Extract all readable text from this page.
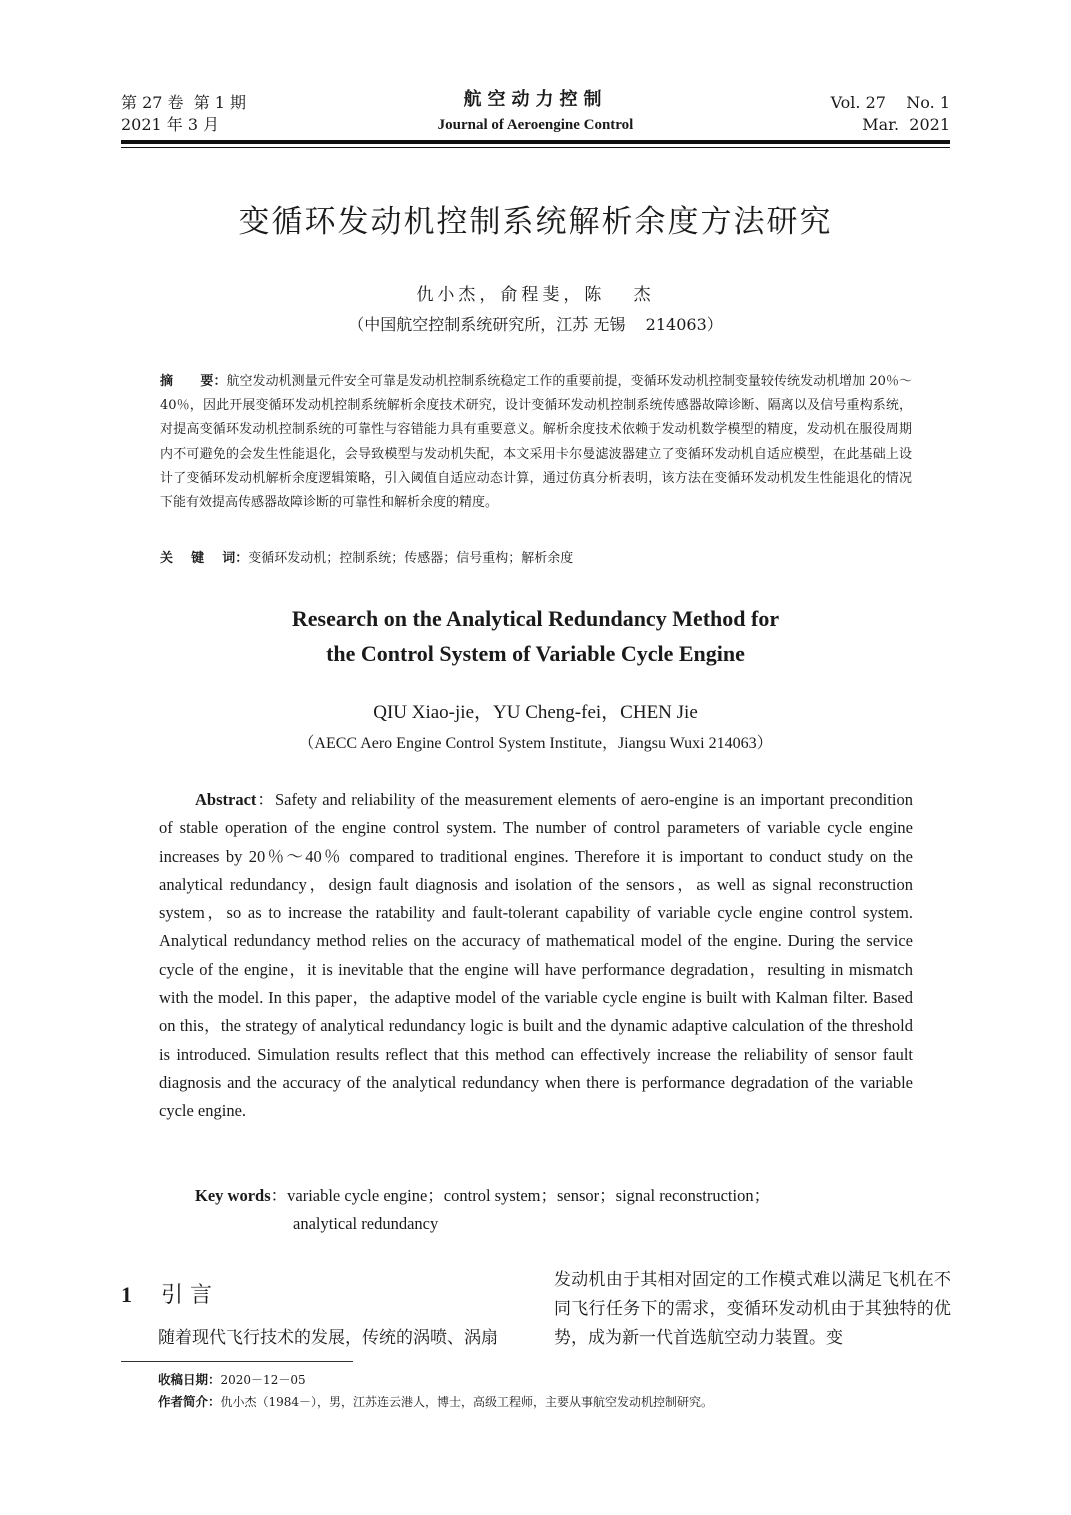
第 27 卷  第 1 期
2021 年 3 月
航空动力控制
Journal of Aeroengine Control
Vol. 27    No. 1
Mar.  2021
变循环发动机控制系统解析余度方法研究
仇小杰，俞程斐，陈   杰
（中国航空控制系统研究所，江苏 无锡    214063）
摘      要：航空发动机测量元件安全可靠是发动机控制系统稳定工作的重要前提，变循环发动机控制变量较传统发动机增加 20％～40％，因此开展变循环发动机控制系统解析余度技术研究，设计变循环发动机控制系统传感器故障诊断、隔离以及信号重构系统，对提高变循环发动机控制系统的可靠性与容错能力具有重要意义。解析余度技术依赖于发动机数学模型的精度，发动机在服役周期内不可避免的会发生性能退化，会导致模型与发动机失配，本文采用卡尔曼滤波器建立了变循环发动机自适应模型，在此基础上设计了变循环发动机解析余度逻辑策略，引入阈值自适应动态计算，通过仿真分析表明，该方法在变循环发动机发生性能退化的情况下能有效提高传感器故障诊断的可靠性和解析余度的精度。
关    键    词：变循环发动机；控制系统；传感器；信号重构；解析余度
Research on the Analytical Redundancy Method for
the Control System of Variable Cycle Engine
QIU Xiao-jie，YU Cheng-fei，CHEN Jie
（AECC Aero Engine Control System Institute，Jiangsu Wuxi 214063）
Abstract：Safety and reliability of the measurement elements of aero-engine is an important precondition of stable operation of the engine control system. The number of control parameters of variable cycle engine increases by 20％～40％ compared to traditional engines. Therefore it is important to conduct study on the analytical redundancy，design fault diagnosis and isolation of the sensors，as well as signal reconstruction system，so as to increase the ratability and fault-tolerant capability of variable cycle engine control system. Analytical redundancy method relies on the accuracy of mathematical model of the engine. During the service cycle of the engine，it is inevitable that the engine will have performance degradation，resulting in mismatch with the model. In this paper，the adaptive model of the variable cycle engine is built with Kalman filter. Based on this，the strategy of analytical redundancy logic is built and the dynamic adaptive calculation of the threshold is introduced. Simulation results reflect that this method can effectively increase the reliability of sensor fault diagnosis and the accuracy of the analytical redundancy when there is performance degradation of the variable cycle engine.
Key words：variable cycle engine；control system；sensor；signal reconstruction；
analytical redundancy
1 引 言
随着现代飞行技术的发展，传统的涡喷、涡扇
发动机由于其相对固定的工作模式难以满足飞机在不同飞行任务下的需求，变循环发动机由于其独特的优势，成为新一代首选航空动力装置。变
收稿日期：2020－12－05
作者简介：仇小杰（1984－），男，江苏连云港人，博士，高级工程师，主要从事航空发动机控制研究。
